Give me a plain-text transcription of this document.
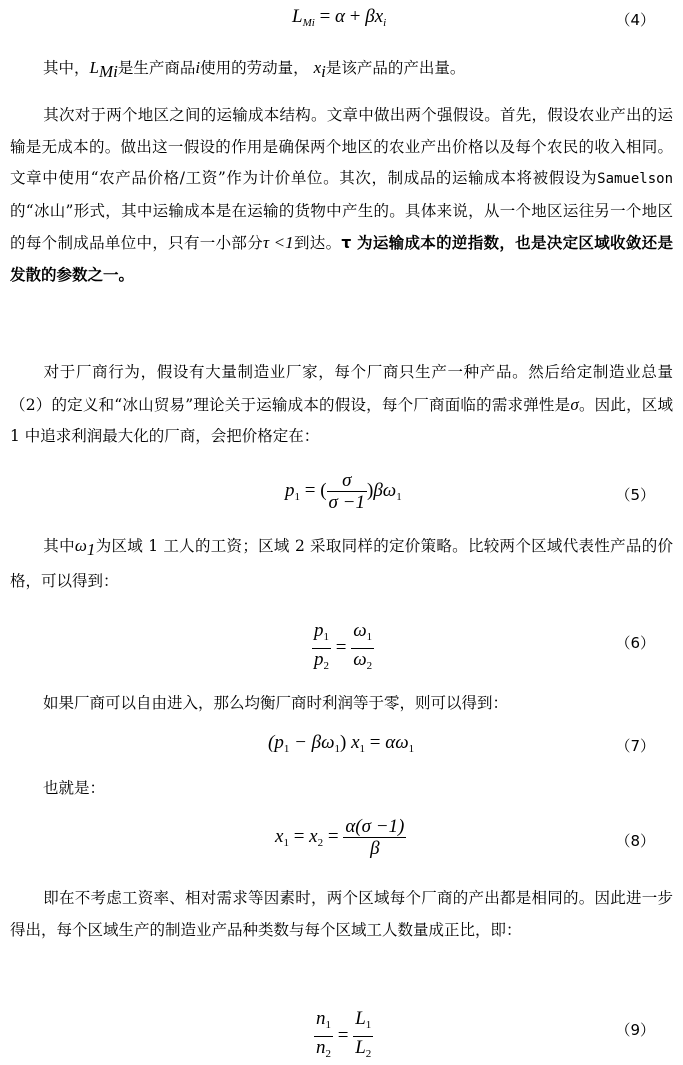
$L_{Mi} = \alpha + \beta x_i$	（4）

其中，$L_{Mi}$是生产商品i使用的劳动量， $x_i$是该产品的产出量。

其次对于两个地区之间的运输成本结构。文章中做出两个强假设。首先，假设农业产出的运输是无成本的。做出这一假设的作用是确保两个地区的农业产出价格以及每个农民的收入相同。文章中使用“农产品价格/工资”作为计价单位。其次，制成品的运输成本将被假设为Samuelson的“冰山”形式，其中运输成本是在运输的货物中产生的。具体来说，从一个地区运往另一个地区的每个制成品单位中，只有一小部分τ <1到达。τ 为运输成本的逆指数，也是决定区域收敛还是发散的参数之一。

对于厂商行为，假设有大量制造业厂家，每个厂商只生产一种产品。然后给定制造业总量（2）的定义和“冰山贸易”理论关于运输成本的假设，每个厂商面临的需求弹性是σ。因此，区域 1 中追求利润最大化的厂商，会把价格定在：

$p_1$ = ( $\frac{\sigma}{\sigma -1} )\beta\omega_1$	（5）

其中$\omega_1$为区域 1 工人的工资；区域 2 采取同样的定价策略。比较两个区域代表性产品的价格，可以得到：

$\frac{p_1}{p_2} = \frac{\omega_1}{\omega_2}$	（6）

如果厂商可以自由进入，那么均衡厂商时利润等于零，则可以得到：

$(p_1 - \beta\omega_1) x_1 = \alpha\omega_1$	（7）

也就是：

$x_1 = x_2 = \frac{\alpha(\sigma -1)}{\beta}$	（8）

即在不考虑工资率、相对需求等因素时，两个区域每个厂商的产出都是相同的。因此进一步得出，每个区域生产的制造业产品种类数与每个区域工人数量成正比，即：

$\frac{n_1}{n_2} = \frac{L_1}{L_2}$	（9）
